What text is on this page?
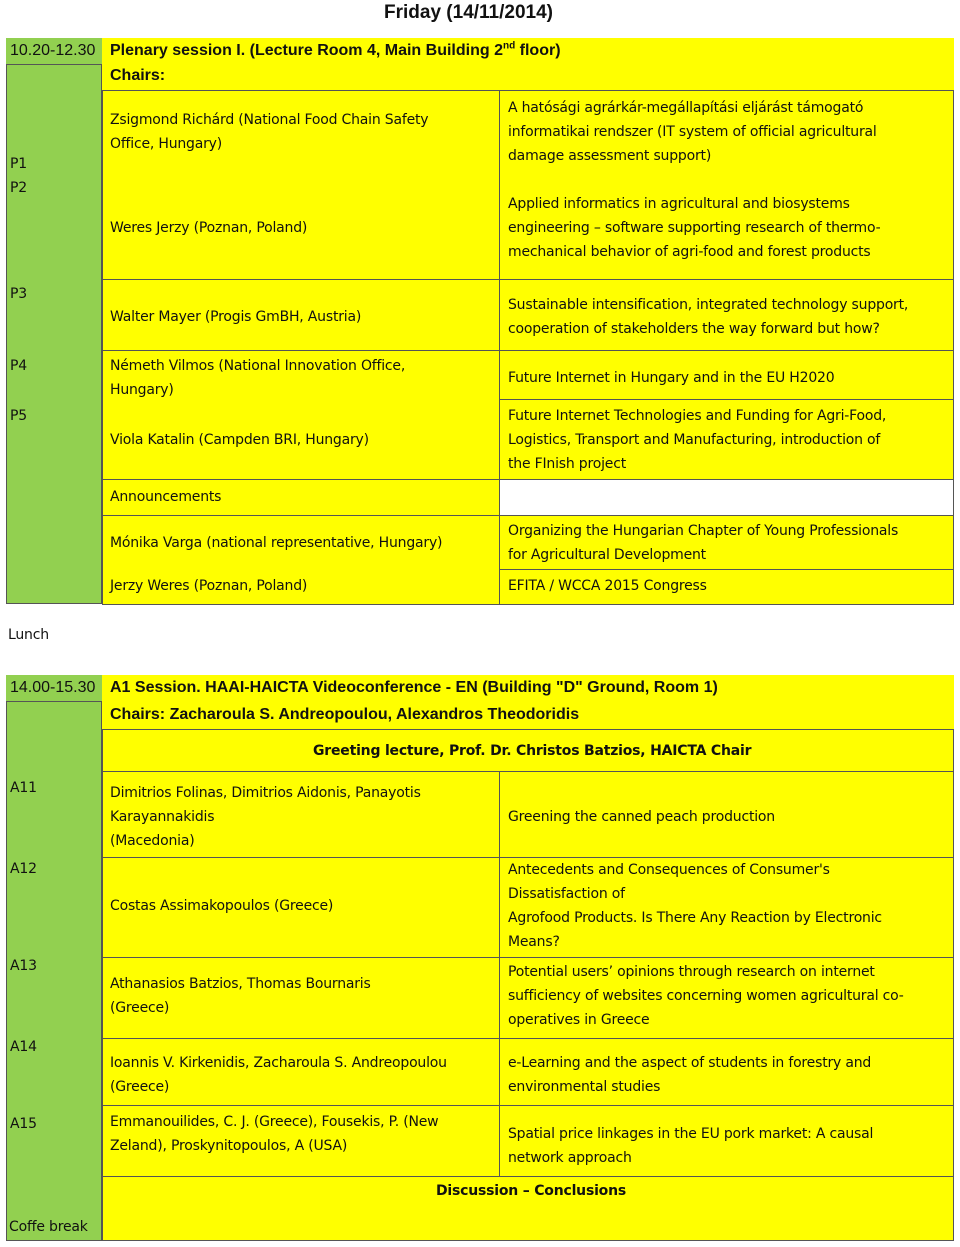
Friday (14/11/2014)
10.20-12.30 Plenary session I. (Lecture Room 4, Main Building 2nd floor)
Chairs:
P1
P2
P3
P4
P5
Zsigmond Richárd (National Food Chain Safety
Office, Hungary)
A hatósági agrárkár-megállapítási eljárást támogató
informatikai rendszer (IT system of official agricultural
damage assessment support)
Weres Jerzy (Poznan, Poland)
Applied informatics in agricultural and biosystems
engineering – software supporting research of thermo-
mechanical behavior of agri-food and forest products
Walter Mayer (Progis GmBH, Austria)
Sustainable intensification, integrated technology support,
cooperation of stakeholders the way forward but how?
Németh Vilmos (National Innovation Office,
Hungary)
Future Internet in Hungary and in the EU H2020
Viola Katalin (Campden BRI, Hungary)
Future Internet Technologies and Funding for Agri-Food,
Logistics, Transport and Manufacturing, introduction of
the FInish project
Announcements
Mónika Varga (national representative, Hungary)
Organizing the Hungarian Chapter of Young Professionals
for Agricultural Development
Jerzy Weres (Poznan, Poland)	EFITA / WCCA 2015 Congress
Lunch
14.00-15.30 A1 Session. HAAI-HAICTA Videoconference - EN (Building "D" Ground, Room 1)
Chairs: Zacharoula S. Andreopoulou, Alexandros Theodoridis
A11
A12
A13
A14
A15
Greeting lecture, Prof. Dr. Christos Batzios, HAICTA Chair
Dimitrios Folinas, Dimitrios Aidonis, Panayotis
Karayannakidis
(Macedonia)
Greening the canned peach production
Costas Assimakopoulos (Greece)
Antecedents and Consequences of Consumer's
Dissatisfaction of
Agrofood Products. Is There Any Reaction by Electronic
Means?
Athanasios Batzios, Thomas Bournaris
(Greece)
Potential users’ opinions through research on internet
sufficiency of websites concerning women agricultural co-
operatives in Greece
Ioannis V. Kirkenidis, Zacharoula S. Andreopoulou
(Greece)
e-Learning and the aspect of students in forestry and
environmental studies
Emmanouilides, C. J. (Greece), Fousekis, P. (New
Zeland), Proskynitopoulos, A (USA)
Spatial price linkages in the EU pork market: A causal
network approach
Discussion – Conclusions
Coffe break
